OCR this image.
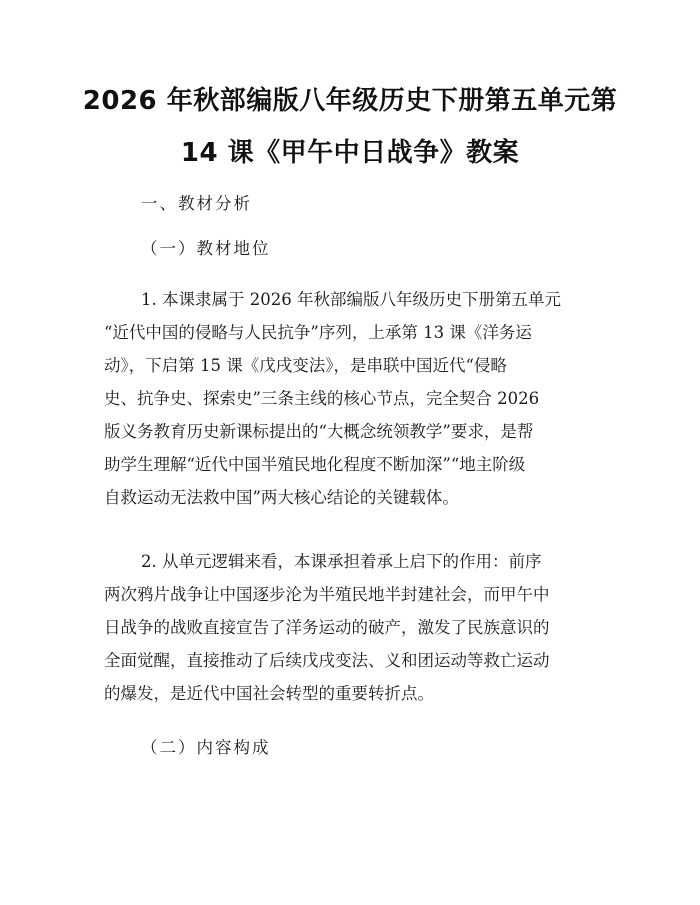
2026 年秋部编版八年级历史下册第五单元第
14 课《甲午中日战争》教案
一、教材分析
（一）教材地位
1. 本课隶属于 2026 年秋部编版八年级历史下册第五单元
“近代中国的侵略与人民抗争”序列，上承第 13 课《洋务运
动》，下启第 15 课《戊戌变法》，是串联中国近代“侵略
史、抗争史、探索史”三条主线的核心节点，完全契合 2026
版义务教育历史新课标提出的“大概念统领教学”要求，是帮
助学生理解“近代中国半殖民地化程度不断加深”“地主阶级
自救运动无法救中国”两大核心结论的关键载体。
2. 从单元逻辑来看，本课承担着承上启下的作用：前序
两次鸦片战争让中国逐步沦为半殖民地半封建社会，而甲午中
日战争的战败直接宣告了洋务运动的破产，激发了民族意识的
全面觉醒，直接推动了后续戊戌变法、义和团运动等救亡运动
的爆发，是近代中国社会转型的重要转折点。
（二）内容构成
